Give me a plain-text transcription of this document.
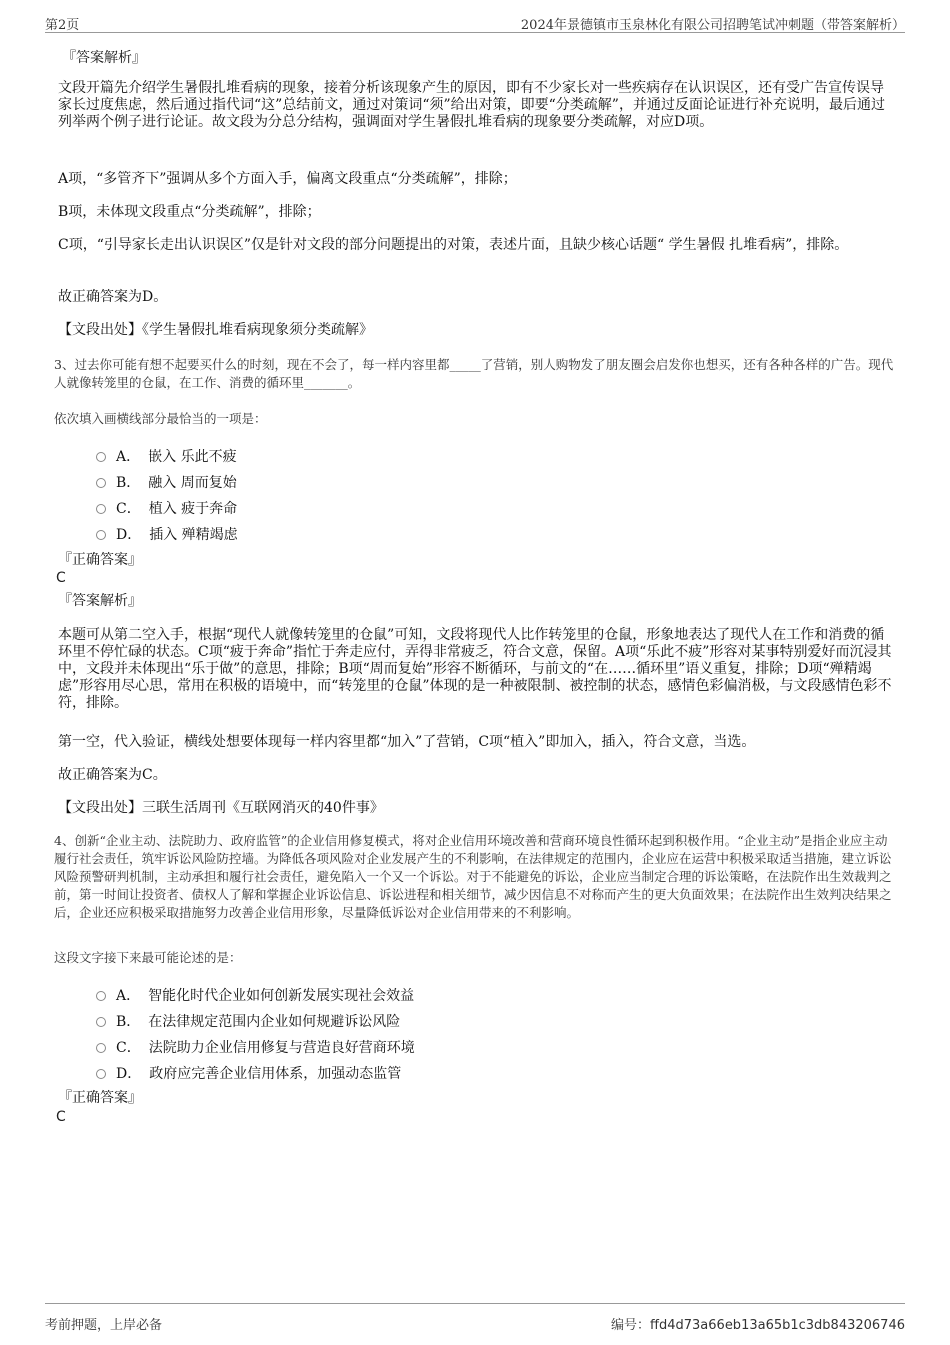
第2页	2024年景德镇市玉泉林化有限公司招聘笔试冲刺题（带答案解析）
『答案解析』
文段开篇先介绍学生暑假扎堆看病的现象，接着分析该现象产生的原因，即有不少家长对一些疾病存在认识误区，还有受广告宣传误导家长过度焦虑，然后通过指代词“这”总结前文，通过对策词“须”给出对策，即要“分类疏解”，并通过反面论证进行补充说明，最后通过列举两个例子进行论证。故文段为分总分结构，强调面对学生暑假扎堆看病的现象要分类疏解，对应D项。
A项，“多管齐下”强调从多个方面入手，偏离文段重点“分类疏解”，排除；
B项，未体现文段重点“分类疏解”，排除；
C项，“引导家长走出认识误区”仅是针对文段的部分问题提出的对策，表述片面，且缺少核心话题“ 学生暑假 扎堆看病”，排除。
故正确答案为D。
【文段出处】《学生暑假扎堆看病现象须分类疏解》
3、过去你可能有想不起要买什么的时刻，现在不会了，每一样内容里都_____了营销，别人购物发了朋友圈会启发你也想买，还有各种各样的广告。现代人就像转笼里的仓鼠，在工作、消费的循环里_______。
依次填入画横线部分最恰当的一项是：
A． 嵌入 乐此不疲
B． 融入 周而复始
C． 植入 疲于奔命
D． 插入 殚精竭虑
『正确答案』
C
『答案解析』
本题可从第二空入手，根据“现代人就像转笼里的仓鼠”可知，文段将现代人比作转笼里的仓鼠，形象地表达了现代人在工作和消费的循环里不停忙碌的状态。C项“疲于奔命”指忙于奔走应付，弄得非常疲乏，符合文意，保留。A项“乐此不疲”形容对某事特别爱好而沉浸其中，文段并未体现出“乐于做”的意思，排除；B项“周而复始”形容不断循环，与前文的“在……循环里”语义重复，排除；D项“殚精竭虑”形容用尽心思，常用在积极的语境中，而“转笼里的仓鼠”体现的是一种被限制、被控制的状态，感情色彩偏消极，与文段感情色彩不符，排除。
第一空，代入验证，横线处想要体现每一样内容里都“加入”了营销，C项“植入”即加入，插入，符合文意，当选。
故正确答案为C。
【文段出处】三联生活周刊《互联网消灭的40件事》
4、创新“企业主动、法院助力、政府监管”的企业信用修复模式，将对企业信用环境改善和营商环境良性循环起到积极作用。“企业主动”是指企业应主动履行社会责任，筑牢诉讼风险防控墙。为降低各项风险对企业发展产生的不利影响，在法律规定的范围内，企业应在运营中积极采取适当措施，建立诉讼风险预警研判机制，主动承担和履行社会责任，避免陷入一个又一个诉讼。对于不能避免的诉讼，企业应当制定合理的诉讼策略，在法院作出生效裁判之前，第一时间让投资者、债权人了解和掌握企业诉讼信息、诉讼进程和相关细节，减少因信息不对称而产生的更大负面效果；在法院作出生效判决结果之后，企业还应积极采取措施努力改善企业信用形象，尽量降低诉讼对企业信用带来的不利影响。
这段文字接下来最可能论述的是：
A． 智能化时代企业如何创新发展实现社会效益
B． 在法律规定范围内企业如何规避诉讼风险
C． 法院助力企业信用修复与营造良好营商环境
D． 政府应完善企业信用体系，加强动态监管
『正确答案』
C
考前押题，上岸必备	编号：ffd4d73a66eb13a65b1c3db843206746
